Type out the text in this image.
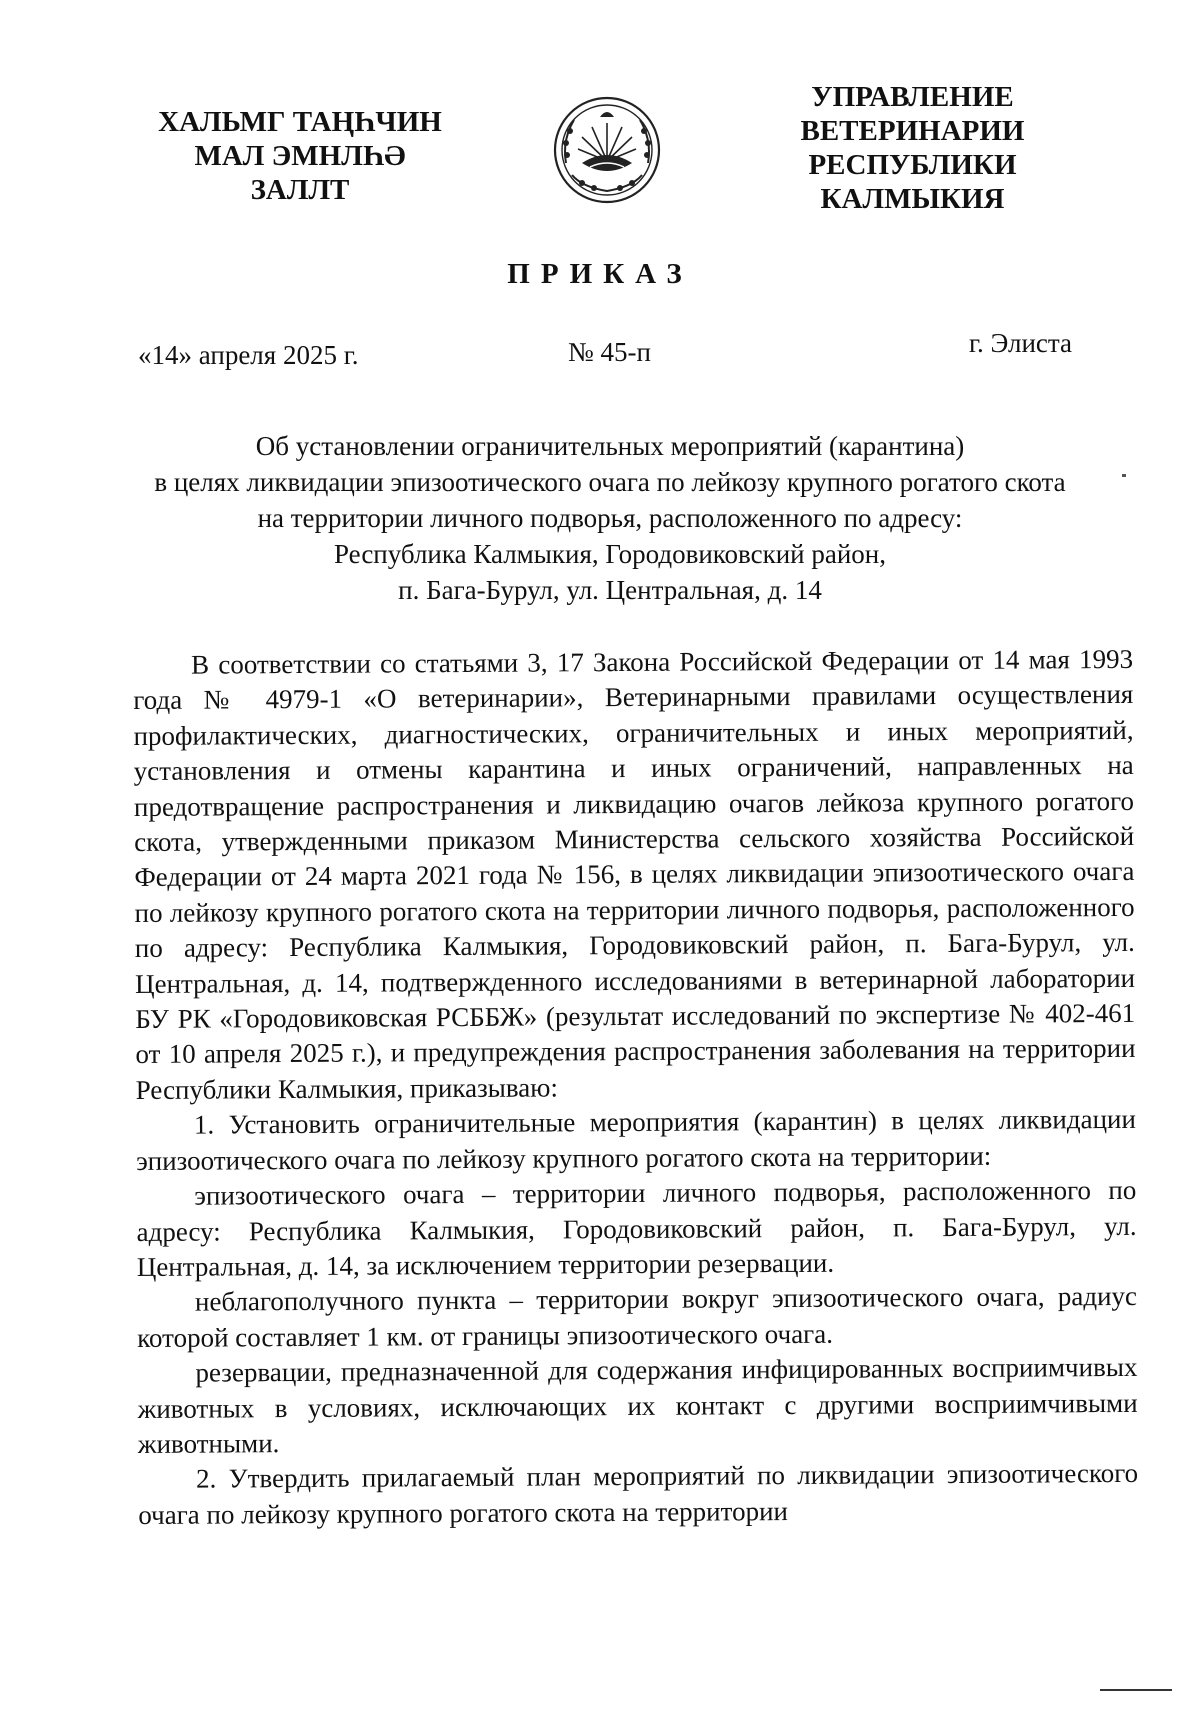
ХАЛЬМГ ТАҢҺЧИН
МАЛ ЭМНЛҺӘ
ЗАЛЛТ
УПРАВЛЕНИЕ
ВЕТЕРИНАРИИ
РЕСПУБЛИКИ
КАЛМЫКИЯ
ПРИКАЗ
«14» апреля 2025 г.	№ 45-п	г. Элиста
Об установлении ограничительных мероприятий (карантина)
в целях ликвидации эпизоотического очага по лейкозу крупного рогатого скота
на территории личного подворья, расположенного по адресу:
Республика Калмыкия, Городовиковский район,
п. Бага-Бурул, ул. Центральная, д. 14

В соответствии со статьями 3, 17 Закона Российской Федерации от 14 мая 1993 года № 4979-1 «О ветеринарии», Ветеринарными правилами осуществления профилактических, диагностических, ограничительных и иных мероприятий, установления и отмены карантина и иных ограничений, направленных на предотвращение распространения и ликвидацию очагов лейкоза крупного рогатого скота, утвержденными приказом Министерства сельского хозяйства Российской Федерации от 24 марта 2021 года № 156, в целях ликвидации эпизоотического очага по лейкозу крупного рогатого скота на территории личного подворья, расположенного по адресу: Республика Калмыкия, Городовиковский район, п. Бага-Бурул, ул. Центральная, д. 14, подтвержденного исследованиями в ветеринарной лаборатории БУ РК «Городовиковская РСББЖ» (результат исследований по экспертизе № 402-461 от 10 апреля 2025 г.), и предупреждения распространения заболевания на территории Республики Калмыкия, приказываю:

1. Установить ограничительные мероприятия (карантин) в целях ликвидации эпизоотического очага по лейкозу крупного рогатого скота на территории:

эпизоотического очага – территории личного подворья, расположенного по адресу: Республика Калмыкия, Городовиковский район, п. Бага-Бурул, ул. Центральная, д. 14, за исключением территории резервации.

неблагополучного пункта – территории вокруг эпизоотического очага, радиус которой составляет 1 км. от границы эпизоотического очага.

резервации, предназначенной для содержания инфицированных восприимчивых животных в условиях, исключающих их контакт с другими восприимчивыми животными.

2. Утвердить прилагаемый план мероприятий по ликвидации эпизоотического очага по лейкозу крупного рогатого скота на территории
